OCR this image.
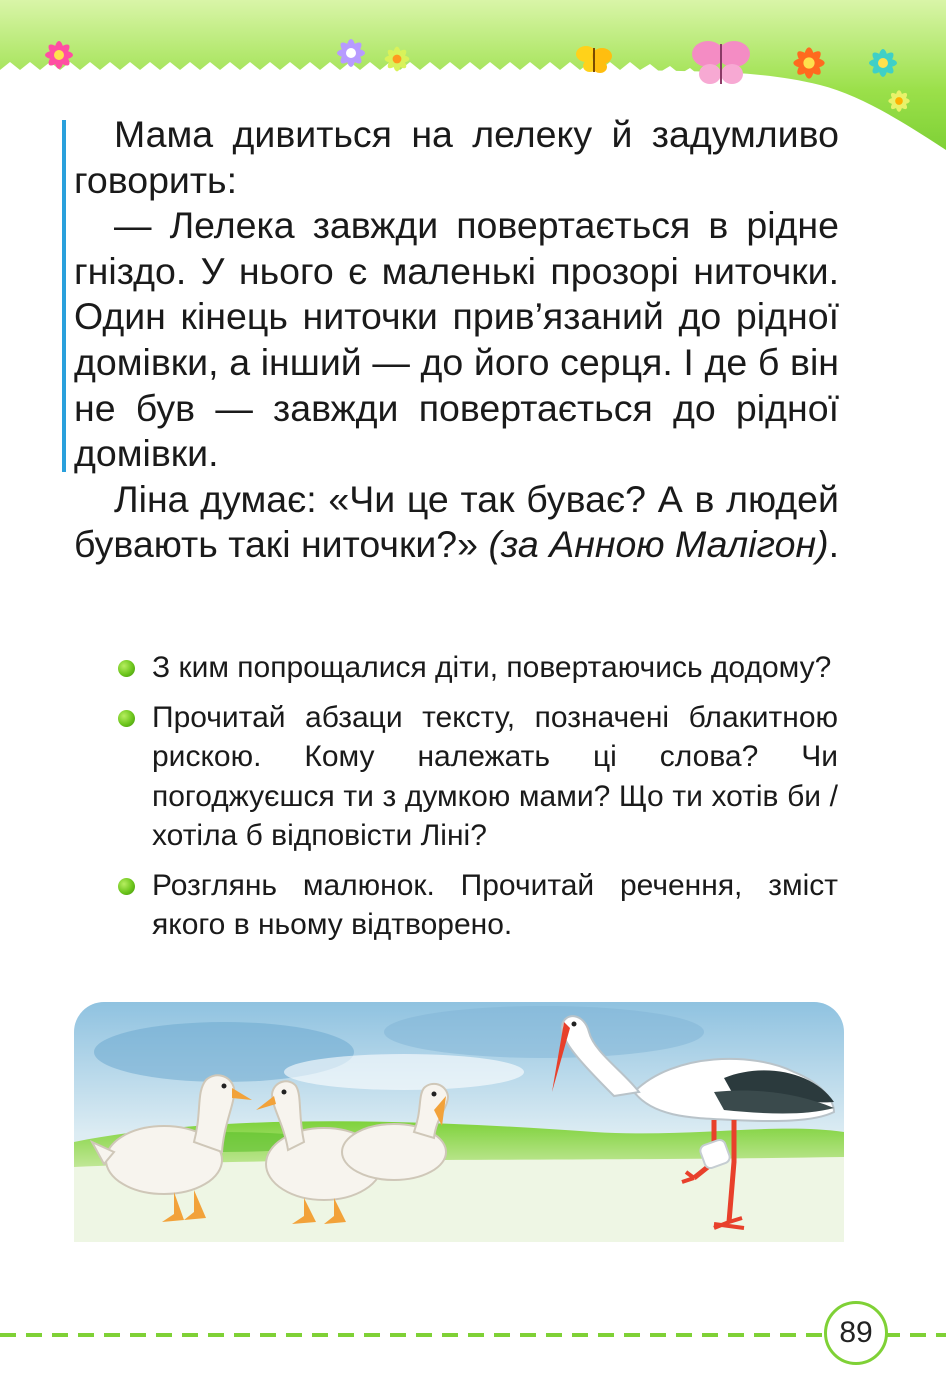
Мама дивиться на лелеку й задумливо говорить:

— Лелека завжди повертається в рідне гніздо. У нього є маленькі прозорі ниточки. Один кінець ниточки прив’язаний до рідної домівки, а інший — до його серця. І де б він не був — завжди повертається до рідної домівки.

Ліна думає: «Чи це так буває? А в людей бувають такі ниточки?» (за Анною Малігон).

З ким попрощалися діти, повертаючись додому?
Прочитай абзаци тексту, позначені блакитною рискою. Кому належать ці слова? Чи погоджуєшся ти з думкою мами? Що ти хотів би / хотіла б відповісти Ліні?
Розглянь малюнок. Прочитай речення, зміст якого в ньому відтворено.
89
